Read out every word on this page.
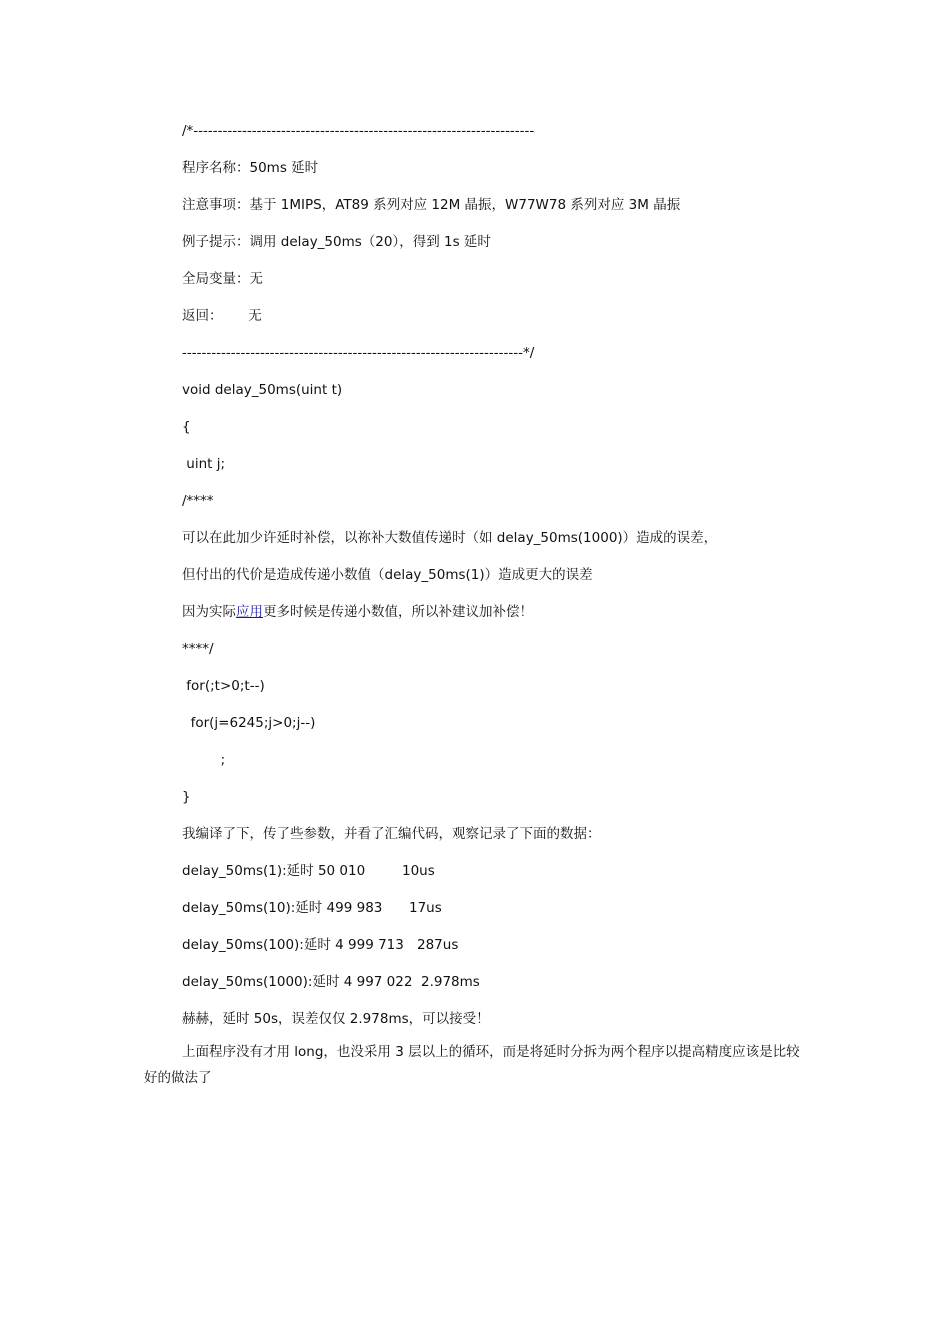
/*----------------------------------------------------------------------

程序名称：50ms 延时

注意事项：基于 1MIPS，AT89 系列对应 12M 晶振，W77W78 系列对应 3M 晶振

例子提示：调用 delay_50ms（20），得到 1s 延时

全局变量：无

返回：      无

----------------------------------------------------------------------*/

void delay_50ms(uint t)

{

uint j;

/****

可以在此加少许延时补偿，以祢补大数值传递时（如 delay_50ms(1000)）造成的误差，

但付出的代价是造成传递小数值（delay_50ms(1)）造成更大的误差

因为实际应用更多时候是传递小数值，所以补建议加补偿！

****/

for(;t>0;t--)

for(j=6245;j>0;j--)

;

}

我编译了下，传了些参数，并看了汇编代码，观察记录了下面的数据：

delay_50ms(1):延时 50 010	10us

delay_50ms(10):延时 499 983 17us

delay_50ms(100):延时 4 999 713 287us

delay_50ms(1000):延时 4 997 022 2.978ms

赫赫，延时 50s，误差仅仅 2.978ms，可以接受！

上面程序没有才用 long，也没采用 3 层以上的循环，而是将延时分拆为两个程序以提高精度应该是比较好的做法了
